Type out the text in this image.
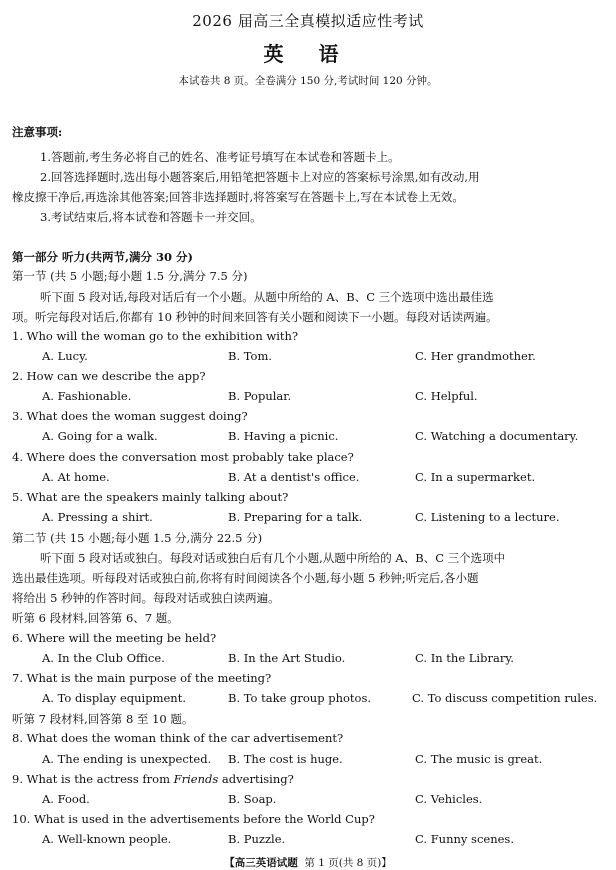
2026 届高三全真模拟适应性考试
英 语
本试卷共 8 页。全卷满分 150 分,考试时间 120 分钟。
注意事项:
1.答题前,考生务必将自己的姓名、准考证号填写在本试卷和答题卡上。
2.回答选择题时,选出每小题答案后,用铅笔把答题卡上对应的答案标号涂黑,如有改动,用
橡皮擦干净后,再选涂其他答案;回答非选择题时,将答案写在答题卡上,写在本试卷上无效。
3.考试结束后,将本试卷和答题卡一并交回。
第一部分 听力(共两节,满分 30 分)
第一节 (共 5 小题;每小题 1.5 分,满分 7.5 分)
听下面 5 段对话,每段对话后有一个小题。从题中所给的 A、B、C 三个选项中选出最佳选
项。听完每段对话后,你都有 10 秒钟的时间来回答有关小题和阅读下一小题。每段对话读两遍。
1. Who will the woman go to the exhibition with?
A. Lucy.	B. Tom.	C. Her grandmother.
2. How can we describe the app?
A. Fashionable.	B. Popular.	C. Helpful.
3. What does the woman suggest doing?
A. Going for a walk.	B. Having a picnic.	C. Watching a documentary.
4. Where does the conversation most probably take place?
A. At home.	B. At a dentist's office.	C. In a supermarket.
5. What are the speakers mainly talking about?
A. Pressing a shirt.	B. Preparing for a talk.	C. Listening to a lecture.
第二节 (共 15 小题;每小题 1.5 分,满分 22.5 分)
听下面 5 段对话或独白。每段对话或独白后有几个小题,从题中所给的 A、B、C 三个选项中
选出最佳选项。听每段对话或独白前,你将有时间阅读各个小题,每小题 5 秒钟;听完后,各小题
将给出 5 秒钟的作答时间。每段对话或独白读两遍。
听第 6 段材料,回答第 6、7 题。
6. Where will the meeting be held?
A. In the Club Office.	B. In the Art Studio.	C. In the Library.
7. What is the main purpose of the meeting?
A. To display equipment.	B. To take group photos.	C. To discuss competition rules.
听第 7 段材料,回答第 8 至 10 题。
8. What does the woman think of the car advertisement?
A. The ending is unexpected. B. The cost is huge.	C. The music is great.
9. What is the actress from Friends advertising?
A. Food.	B. Soap.	C. Vehicles.
10. What is used in the advertisements before the World Cup?
A. Well-known people.	B. Puzzle.	C. Funny scenes.
【高三英语试题 第 1 页(共 8 页)】
